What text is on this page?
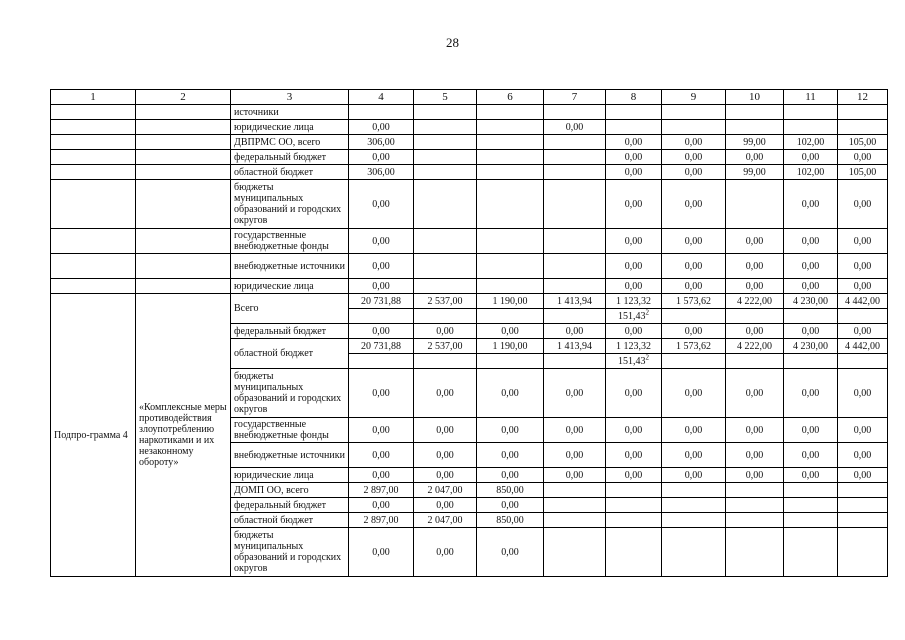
28
1	2	3	4	5	6	7	8	9	10	11	12
		источники									
		юридические лица	0,00			0,00					
		ДВПРМС ОО, всего	306,00				0,00	0,00	99,00	102,00	105,00
		федеральный бюджет	0,00				0,00	0,00	0,00	0,00	0,00
		областной бюджет	306,00				0,00	0,00	99,00	102,00	105,00
		бюджеты муниципальных образований и городских округов	0,00				0,00	0,00		0,00	0,00
		государственные внебюджетные фонды	0,00				0,00	0,00	0,00	0,00	0,00
		внебюджетные источники	0,00				0,00	0,00	0,00	0,00	0,00
		юридические лица	0,00				0,00	0,00	0,00	0,00	0,00
Подпро-грамма 4	«Комплексные меры противодействия злоупотреблению наркотиками и их незаконному обороту»	Всего	20 731,88	2 537,00	1 190,00	1 413,94	1 123,32	1 573,62	4 222,00	4 230,00	4 442,00
							151,43$^2$				
		федеральный бюджет	0,00	0,00	0,00	0,00	0,00	0,00	0,00	0,00	0,00
		областной бюджет	20 731,88	2 537,00	1 190,00	1 413,94	1 123,32	1 573,62	4 222,00	4 230,00	4 442,00
							151,43$^2$				
		бюджеты муниципальных образований и городских округов	0,00	0,00	0,00	0,00	0,00	0,00	0,00	0,00	0,00
		государственные внебюджетные фонды	0,00	0,00	0,00	0,00	0,00	0,00	0,00	0,00	0,00
		внебюджетные источники	0,00	0,00	0,00	0,00	0,00	0,00	0,00	0,00	0,00
		юридические лица	0,00	0,00	0,00	0,00	0,00	0,00	0,00	0,00	0,00
		ДОМП ОО, всего	2 897,00	2 047,00	850,00						
		федеральный бюджет	0,00	0,00	0,00						
		областной бюджет	2 897,00	2 047,00	850,00						
		бюджеты муниципальных образований и городских округов	0,00	0,00	0,00						
